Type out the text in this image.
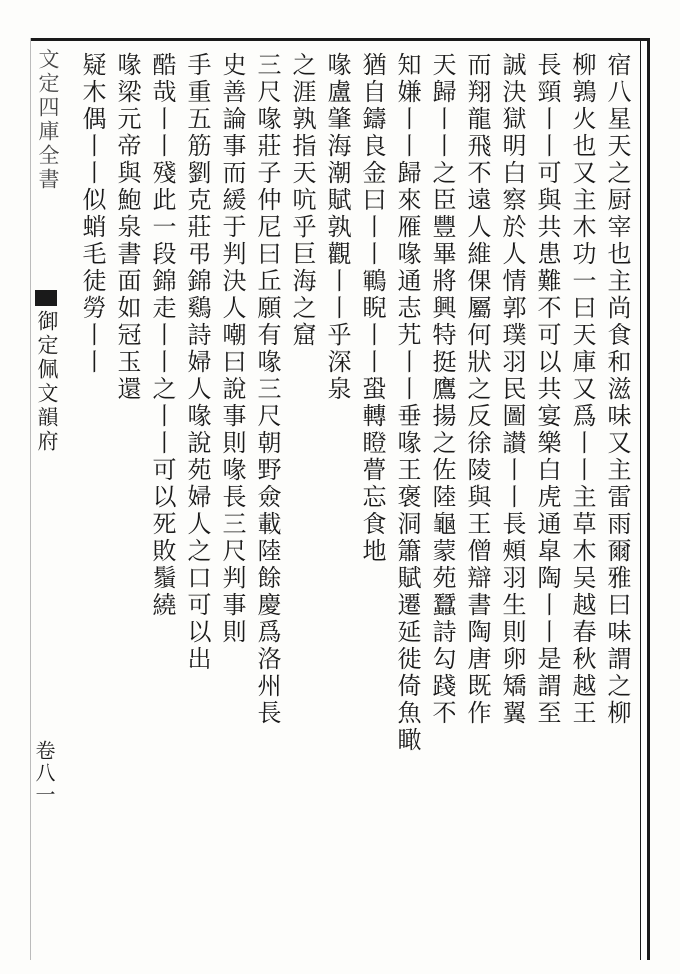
文定四庫全書
御定佩文韻府
卷八一
宿八星天之厨宰也主尚食和滋味又主雷雨爾雅曰味謂之柳
柳鶉火也又主木功一曰天庫又爲丨丨主草木吴越春秋越王
長頸丨丨可與共患難不可以共宴樂白虎通皐陶丨丨是謂至
誠決獄明白察於人情郭璞羽民圖讃丨丨長頰羽生則卵矯翼
而翔龍飛不遠人維倮屬何狀之反徐陵與王僧辯書陶唐既作
天歸丨丨之臣豐畢將興特挺鷹揚之佐陸龜蒙苑蠶詩勾踐不
知嫌丨丨歸來雁喙通志艽丨丨垂喙王褒洞簫賦遷延徙倚魚瞰
猶自鑄良金曰丨丨鶤睨丨丨蛩轉瞪瞢忘食地
喙盧肇海潮賦孰觀丨丨乎深泉
之涯孰指天吭乎巨海之窟
三尺喙莊子仲尼曰丘願有喙三尺朝野僉載陸餘慶爲洛州長
史善論事而緩于判決人嘲曰說事則喙長三尺判事則
手重五筋劉克莊弔錦鷄詩婦人喙說苑婦人之口可以出
酷哉丨丨殘此一段錦走丨丨之丨丨可以死敗鬚繞
喙梁元帝與鮑泉書面如冠玉還
疑木偶丨丨似蛸毛徒勞丨丨
